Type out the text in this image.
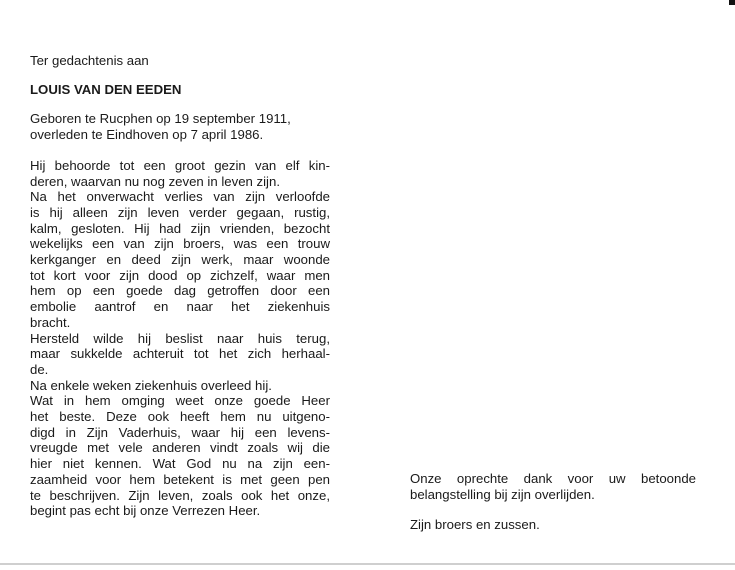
Ter gedachtenis aan

LOUIS VAN DEN EEDEN

Geboren te Rucphen op 19 september 1911,
overleden te Eindhoven op 7 april 1986.
Hij behoorde tot een groot gezin van elf kin-
deren, waarvan nu nog zeven in leven zijn.
Na het onverwacht verlies van zijn verloofde
is hij alleen zijn leven verder gegaan, rustig,
kalm, gesloten. Hij had zijn vrienden, bezocht
wekelijks een van zijn broers, was een trouw
kerkganger en deed zijn werk, maar woonde
tot kort voor zijn dood op zichzelf, waar men
hem op een goede dag getroffen door een
embolie aantrof en naar het ziekenhuis
bracht.
Hersteld wilde hij beslist naar huis terug,
maar sukkelde achteruit tot het zich herhaal-
de.
Na enkele weken ziekenhuis overleed hij.
Wat in hem omging weet onze goede Heer
het beste. Deze ook heeft hem nu uitgeno-
digd in Zijn Vaderhuis, waar hij een levens-
vreugde met vele anderen vindt zoals wij die
hier niet kennen. Wat God nu na zijn een-
zaamheid voor hem betekent is met geen pen
te beschrijven. Zijn leven, zoals ook het onze,
begint pas echt bij onze Verrezen Heer.
Onze oprechte dank voor uw betoonde
belangstelling bij zijn overlijden.

Zijn broers en zussen.
